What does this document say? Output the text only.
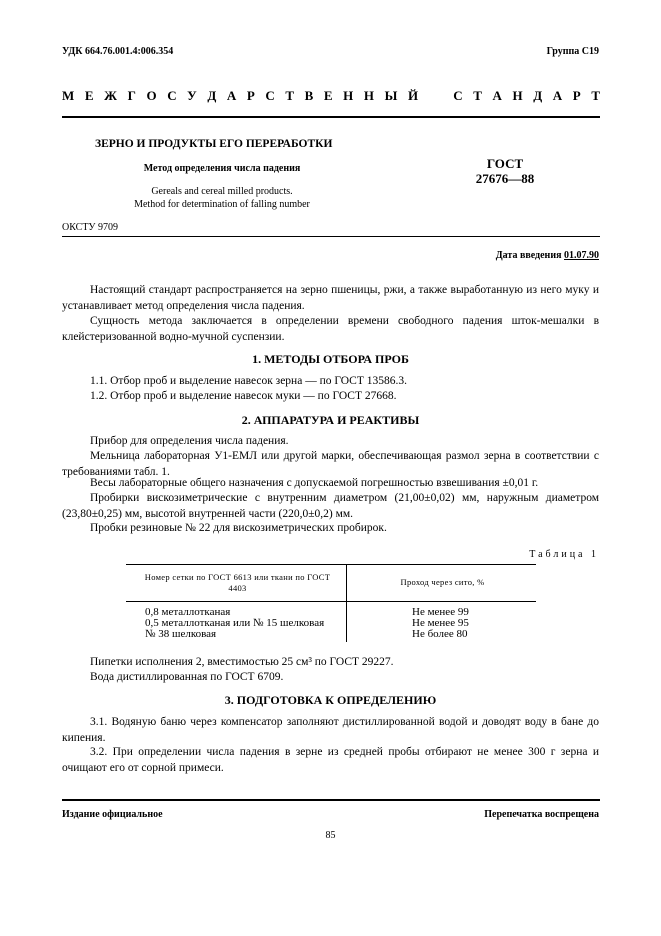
УДК 664.76.001.4:006.354	Группа С19
М Е Ж Г О С У Д А Р С Т В Е Н Н Ы Й	С Т А Н Д А Р Т
ЗЕРНО И ПРОДУКТЫ ЕГО ПЕРЕРАБОТКИ
Метод определения числа падения
Gereals and cereal milled products.
Method for determination of falling number
ГОСТ
27676—88
ОКСТУ 9709
Дата введения 01.07.90
Настоящий стандарт распространяется на зерно пшеницы, ржи, а также выработанную из него муку и устанавливает метод определения числа падения.
Сущность метода заключается в определении времени свободного падения шток-мешалки в клейстеризованной водно-мучной суспензии.
1. МЕТОДЫ ОТБОРА ПРОБ
1.1. Отбор проб и выделение навесок зерна — по ГОСТ 13586.3.
1.2. Отбор проб и выделение навесок муки — по ГОСТ 27668.
2. АППАРАТУРА И РЕАКТИВЫ
Прибор для определения числа падения.
Мельница лабораторная У1-ЕМЛ или другой марки, обеспечивающая размол зерна в соответствии с требованиями табл. 1.
Весы лабораторные общего назначения с допускаемой погрешностью взвешивания ±0,01 г.
Пробирки вискозиметрические с внутренним диаметром (21,00±0,02) мм, наружным диаметром (23,80±0,25) мм, высотой внутренней части (220,0±0,2) мм.
Пробки резиновые № 22 для вискозиметрических пробирок.
Таблица 1
Номер сетки по ГОСТ 6613 или ткани по ГОСТ 4403
Проход через сито, %
0,8 металлотканая
0,5 металлотканая или № 15 шелковая
№ 38 шелковая
Не менее 99
Не менее 95
Не более 80
Пипетки исполнения 2, вместимостью 25 см³ по ГОСТ 29227.
Вода дистиллированная по ГОСТ 6709.
3. ПОДГОТОВКА К ОПРЕДЕЛЕНИЮ
3.1. Водяную баню через компенсатор заполняют дистиллированной водой и доводят воду в бане до кипения.
3.2. При определении числа падения в зерне из средней пробы отбирают не менее 300 г зерна и очищают его от сорной примеси.
Издание официальное	Перепечатка воспрещена
85
